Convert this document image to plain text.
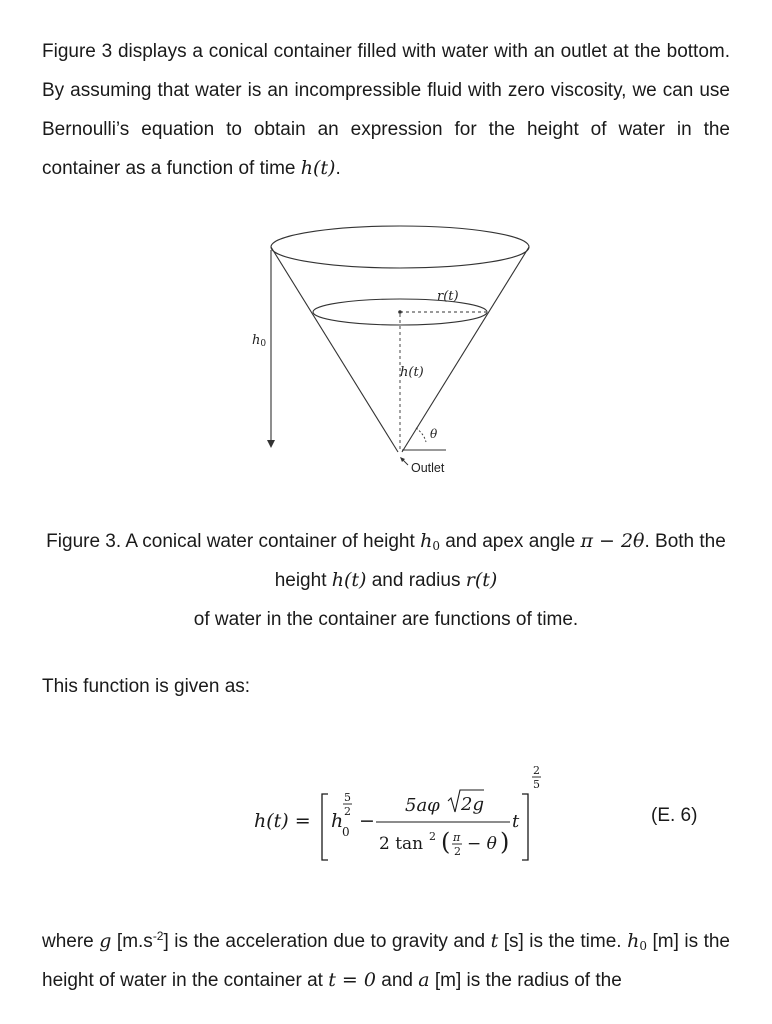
Figure 3 displays a conical container filled with water with an outlet at the bottom. By assuming that water is an incompressible fluid with zero viscosity, we can use Bernoulli’s equation to obtain an expression for the height of water in the container as a function of time h(t).

r(t)
h0
h(t)
θ
Outlet

Figure 3. A conical water container of height $h_0$ and apex angle π − 2θ. Both the height h(t) and radius r(t)
of water in the container are functions of time.

This function is given as:

h(t) = h
0
5
2 −
5aφ 2g
2 tan 2 ( π
2 − θ )
t
2
5

(E. 6)

where g $[m.s^{-2}]$ is the acceleration due to gravity and t [s] is the time. $h_0$ [m] is the height of water in the container at t = 0 and a [m] is the radius of the
